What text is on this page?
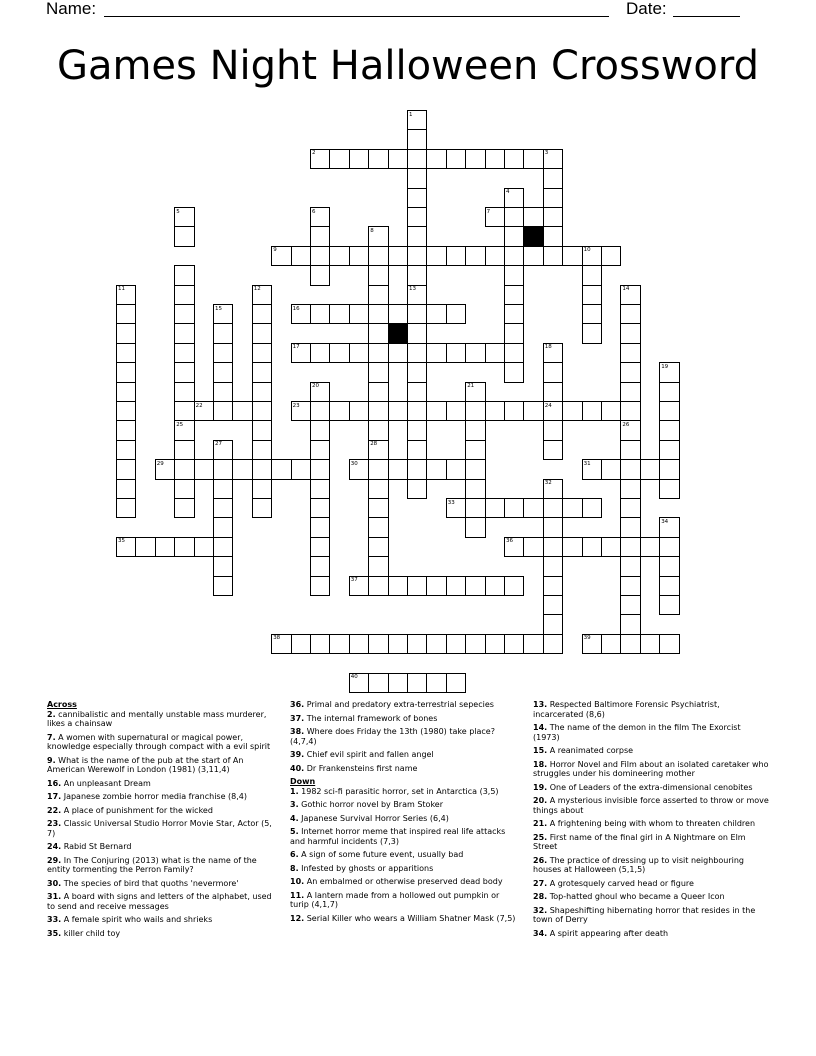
Name:	Date:
Games Night Halloween Crossword
1
2	3
4
5	6	7
8
9	10
11	12	13	14
15	16
17	18
19
20	21
22	23	24
25	26
27	28
29	30	31
32
33
34
35	36
37
38	39
40

Across

2. cannibalistic and mentally unstable mass murderer, likes a chainsaw

7. A women with supernatural or magical power, knowledge especially through compact with a evil spirit

9. What is the name of the pub at the start of An American Werewolf in London (1981) (3,11,4)

16. An unpleasant Dream

17. Japanese zombie horror media franchise (8,4)

22. A place of punishment for the wicked

23. Classic Universal Studio Horror Movie Star, Actor (5, 7)

24. Rabid St Bernard

29. In The Conjuring (2013) what is the name of the entity tormenting the Perron Family?

30. The species of bird that quoths 'nevermore'

31. A board with signs and letters of the alphabet, used to send and receive messages

33. A female spirit who wails and shrieks

35. killer child toy

36. Primal and predatory extra-terrestrial sepecies

37. The internal framework of bones

38. Where does Friday the 13th (1980) take place? (4,7,4)

39. Chief evil spirit and fallen angel

40. Dr Frankensteins first name

Down

1. 1982 sci-fi parasitic horror, set in Antarctica (3,5)

3. Gothic horror novel by Bram Stoker

4. Japanese Survival Horror Series (6,4)

5. Internet horror meme that inspired real life attacks and harmful incidents (7,3)

6. A sign of some future event, usually bad

8. Infested by ghosts or apparitions

10. An embalmed or otherwise preserved dead body

11. A lantern made from a hollowed out pumpkin or turip (4,1,7)

12. Serial Killer who wears a William Shatner Mask (7,5)

13. Respected Baltimore Forensic Psychiatrist, incarcerated (8,6)

14. The name of the demon in the film The Exorcist (1973)

15. A reanimated corpse

18. Horror Novel and Film about an isolated caretaker who struggles under his domineering mother

19. One of Leaders of the extra-dimensional cenobites

20. A mysterious invisible force asserted to throw or move things about

21. A frightening being with whom to threaten children

25. First name of the final girl in A Nightmare on Elm Street

26. The practice of dressing up to visit neighbouring houses at Halloween (5,1,5)

27. A grotesquely carved head or figure

28. Top-hatted ghoul who became a Queer Icon

32. Shapeshifting hibernating horror that resides in the town of Derry

34. A spirit appearing after death
